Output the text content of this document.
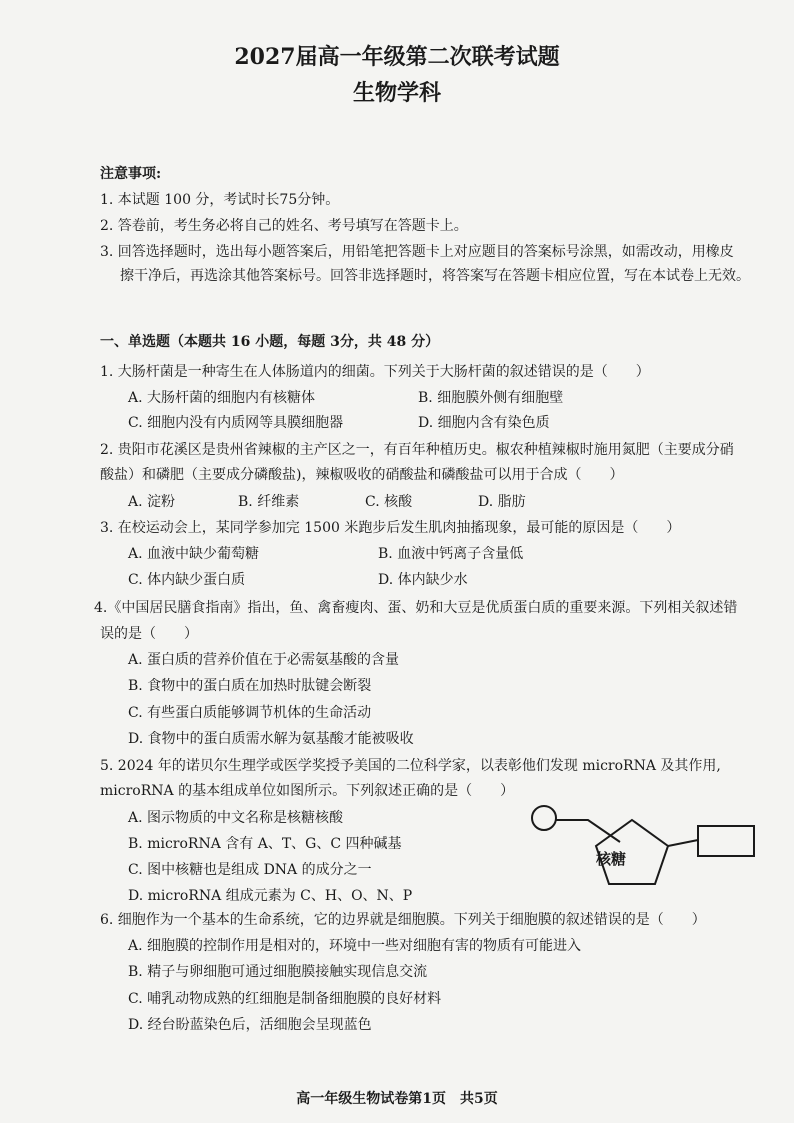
2027届高一年级第二次联考试题
生物学科
注意事项:
1. 本试题 100 分，考试时长75分钟。
2. 答卷前，考生务必将自己的姓名、考号填写在答题卡上。
3. 回答选择题时，选出每小题答案后，用铅笔把答题卡上对应题目的答案标号涂黑，如需改动，用橡皮
擦干净后，再选涂其他答案标号。回答非选择题时，将答案写在答题卡相应位置，写在本试卷上无效。
一、单选题（本题共 16 小题，每题 3分，共 48 分）
1. 大肠杆菌是一种寄生在人体肠道内的细菌。下列关于大肠杆菌的叙述错误的是（　　）
A. 大肠杆菌的细胞内有核糖体	B. 细胞膜外侧有细胞壁
C. 细胞内没有内质网等具膜细胞器	D. 细胞内含有染色质
2. 贵阳市花溪区是贵州省辣椒的主产区之一，有百年种植历史。椒农种植辣椒时施用氮肥（主要成分硝
酸盐）和磷肥（主要成分磷酸盐)，辣椒吸收的硝酸盐和磷酸盐可以用于合成（　　）
A. 淀粉	B. 纤维素	C. 核酸	D. 脂肪
3. 在校运动会上，某同学参加完 1500 米跑步后发生肌肉抽搐现象，最可能的原因是（　　）
A. 血液中缺少葡萄糖	B. 血液中钙离子含量低
C. 体内缺少蛋白质	D. 体内缺少水
4.《中国居民膳食指南》指出，鱼、禽畜瘦肉、蛋、奶和大豆是优质蛋白质的重要来源。下列相关叙述错
误的是（　　）
A. 蛋白质的营养价值在于必需氨基酸的含量
B. 食物中的蛋白质在加热时肽键会断裂
C. 有些蛋白质能够调节机体的生命活动
D. 食物中的蛋白质需水解为氨基酸才能被吸收
5. 2024 年的诺贝尔生理学或医学奖授予美国的二位科学家，以表彰他们发现 microRNA 及其作用,
microRNA 的基本组成单位如图所示。下列叙述正确的是（　　）
A. 图示物质的中文名称是核糖核酸
B. microRNA 含有 A、T、G、C 四种碱基
C. 图中核糖也是组成 DNA 的成分之一
D. microRNA 组成元素为 C、H、O、N、P
核糖
6. 细胞作为一个基本的生命系统，它的边界就是细胞膜。下列关于细胞膜的叙述错误的是（　　）
A. 细胞膜的控制作用是相对的，环境中一些对细胞有害的物质有可能进入
B. 精子与卵细胞可通过细胞膜接触实现信息交流
C. 哺乳动物成熟的红细胞是制备细胞膜的良好材料
D. 经台盼蓝染色后，活细胞会呈现蓝色
高一年级生物试卷第1页　共5页
